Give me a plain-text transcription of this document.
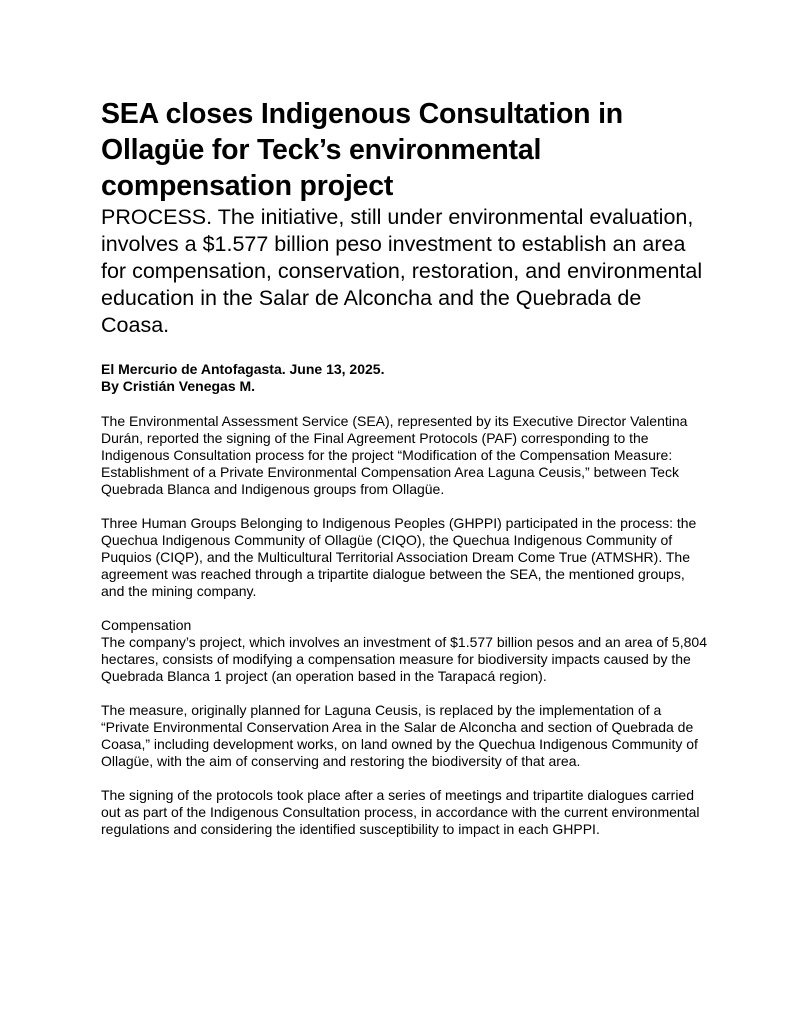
SEA closes Indigenous Consultation in Ollagüe for Teck’s environmental compensation project

PROCESS. The initiative, still under environmental evaluation, involves a $1.577 billion peso investment to establish an area for compensation, conservation, restoration, and environmental education in the Salar de Alconcha and the Quebrada de Coasa.

El Mercurio de Antofagasta. June 13, 2025.
By Cristián Venegas M.

The Environmental Assessment Service (SEA), represented by its Executive Director Valentina Durán, reported the signing of the Final Agreement Protocols (PAF) corresponding to the Indigenous Consultation process for the project “Modification of the Compensation Measure: Establishment of a Private Environmental Compensation Area Laguna Ceusis,” between Teck Quebrada Blanca and Indigenous groups from Ollagüe.

Three Human Groups Belonging to Indigenous Peoples (GHPPI) participated in the process: the Quechua Indigenous Community of Ollagüe (CIQO), the Quechua Indigenous Community of Puquios (CIQP), and the Multicultural Territorial Association Dream Come True (ATMSHR). The agreement was reached through a tripartite dialogue between the SEA, the mentioned groups, and the mining company.

Compensation

The company’s project, which involves an investment of $1.577 billion pesos and an area of 5,804 hectares, consists of modifying a compensation measure for biodiversity impacts caused by the Quebrada Blanca 1 project (an operation based in the Tarapacá region).

The measure, originally planned for Laguna Ceusis, is replaced by the implementation of a “Private Environmental Conservation Area in the Salar de Alconcha and section of Quebrada de Coasa,” including development works, on land owned by the Quechua Indigenous Community of Ollagüe, with the aim of conserving and restoring the biodiversity of that area.

The signing of the protocols took place after a series of meetings and tripartite dialogues carried out as part of the Indigenous Consultation process, in accordance with the current environmental regulations and considering the identified susceptibility to impact in each GHPPI.
